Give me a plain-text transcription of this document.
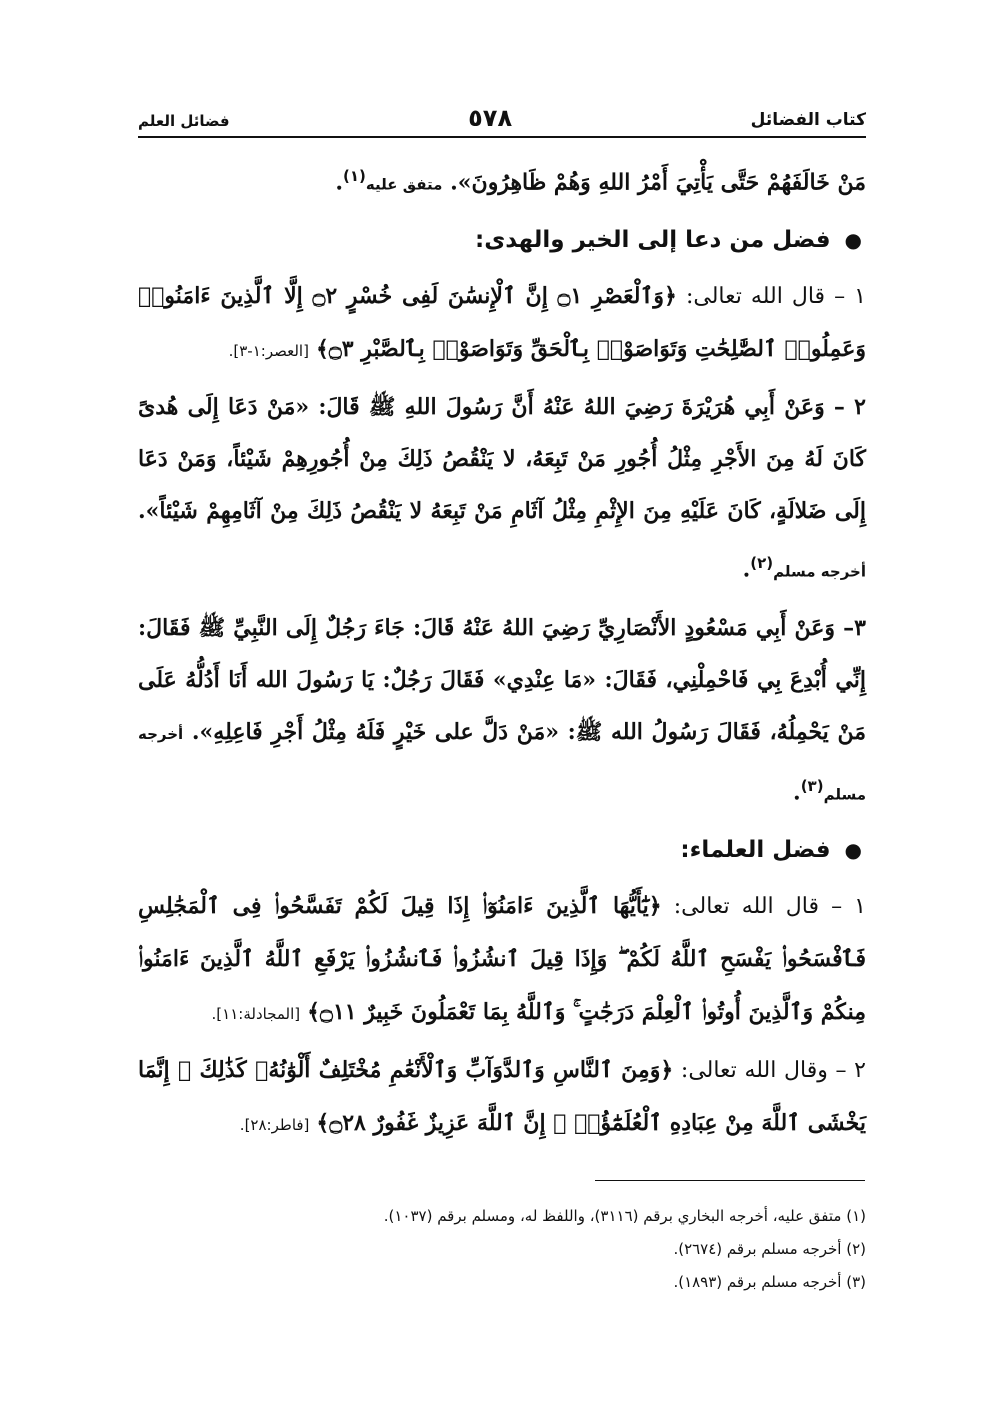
كتاب الفضائل
٥٧٨
فضائل العلم

مَنْ خَالَفَهُمْ حَتَّى يَأْتِيَ أَمْرُ اللهِ وَهُمْ ظَاهِرُونَ». متفق عليه$^{(١)}$.

●فضل من دعا إلى الخير والهدى:

١ – قال الله تعالى: ﴿وَٱلْعَصْرِ ۝١ إِنَّ ٱلْإِنسَٰنَ لَفِى خُسْرٍ ۝٢ إِلَّا ٱلَّذِينَ ءَامَنُوا۟ وَعَمِلُوا۟ ٱلصَّٰلِحَٰتِ وَتَوَاصَوْا۟ بِٱلْحَقِّ وَتَوَاصَوْا۟ بِٱلصَّبْرِ ۝٣﴾ [العصر:١-٣].

٢ – وَعَنْ أَبِي هُرَيْرَةَ رَضِيَ اللهُ عَنْهُ أَنَّ رَسُولَ اللهِ ﷺ قَالَ: «مَنْ دَعَا إِلَى هُدىً كَانَ لَهُ مِنَ الأَجْرِ مِثْلُ أُجُورِ مَنْ تَبِعَهُ، لا يَنْقُصُ ذَلِكَ مِنْ أُجُورِهِمْ شَيْئاً، وَمَنْ دَعَا إِلَى ضَلالَةٍ، كَانَ عَلَيْهِ مِنَ الإِثْمِ مِثْلُ آثَامِ مَنْ تَبِعَهُ لا يَنْقُصُ ذَلِكَ مِنْ آثَامِهِمْ شَيْئاً». أخرجه مسلم$^{(٢)}$.

٣– وَعَنْ أَبِي مَسْعُودٍ الأَنْصَارِيِّ رَضِيَ اللهُ عَنْهُ قَالَ: جَاءَ رَجُلٌ إِلَى النَّبِيِّ ﷺ فَقَالَ: إِنِّي أُبْدِعَ بِي فَاحْمِلْنِي، فَقَالَ: «مَا عِنْدِي» فَقَالَ رَجُلٌ: يَا رَسُولَ الله أَنَا أَدُلُّهُ عَلَى مَنْ يَحْمِلُهُ، فَقَالَ رَسُولُ الله ﷺ: «مَنْ دَلَّ على خَيْرٍ فَلَهُ مِثْلُ أَجْرِ فَاعِلِهِ». أخرجه مسلم$^{(٣)}$.

●فضل العلماء:

١ – قال الله تعالى: ﴿يَٰٓأَيُّهَا ٱلَّذِينَ ءَامَنُوٓا۟ إِذَا قِيلَ لَكُمْ تَفَسَّحُوا۟ فِى ٱلْمَجَٰلِسِ فَٱفْسَحُوا۟ يَفْسَحِ ٱللَّهُ لَكُمْ ۖ وَإِذَا قِيلَ ٱنشُزُوا۟ فَٱنشُزُوا۟ يَرْفَعِ ٱللَّهُ ٱلَّذِينَ ءَامَنُوا۟ مِنكُمْ وَٱلَّذِينَ أُوتُوا۟ ٱلْعِلْمَ دَرَجَٰتٍ ۚ وَٱللَّهُ بِمَا تَعْمَلُونَ خَبِيرٌ ۝١١﴾ [المجادلة:١١].

٢ – وقال الله تعالى: ﴿وَمِنَ ٱلنَّاسِ وَٱلدَّوَآبِّ وَٱلْأَنْعَٰمِ مُخْتَلِفٌ أَلْوَٰنُهُۥ كَذَٰلِكَ ۗ إِنَّمَا يَخْشَى ٱللَّهَ مِنْ عِبَادِهِ ٱلْعُلَمَٰٓؤُا۟ ۗ إِنَّ ٱللَّهَ عَزِيزٌ غَفُورٌ ۝٢٨﴾ [فاطر:٢٨].

(١) متفق عليه، أخرجه البخاري برقم (٣١١٦)، واللفظ له، ومسلم برقم (١٠٣٧).

(٢) أخرجه مسلم برقم (٢٦٧٤).

(٣) أخرجه مسلم برقم (١٨٩٣).
